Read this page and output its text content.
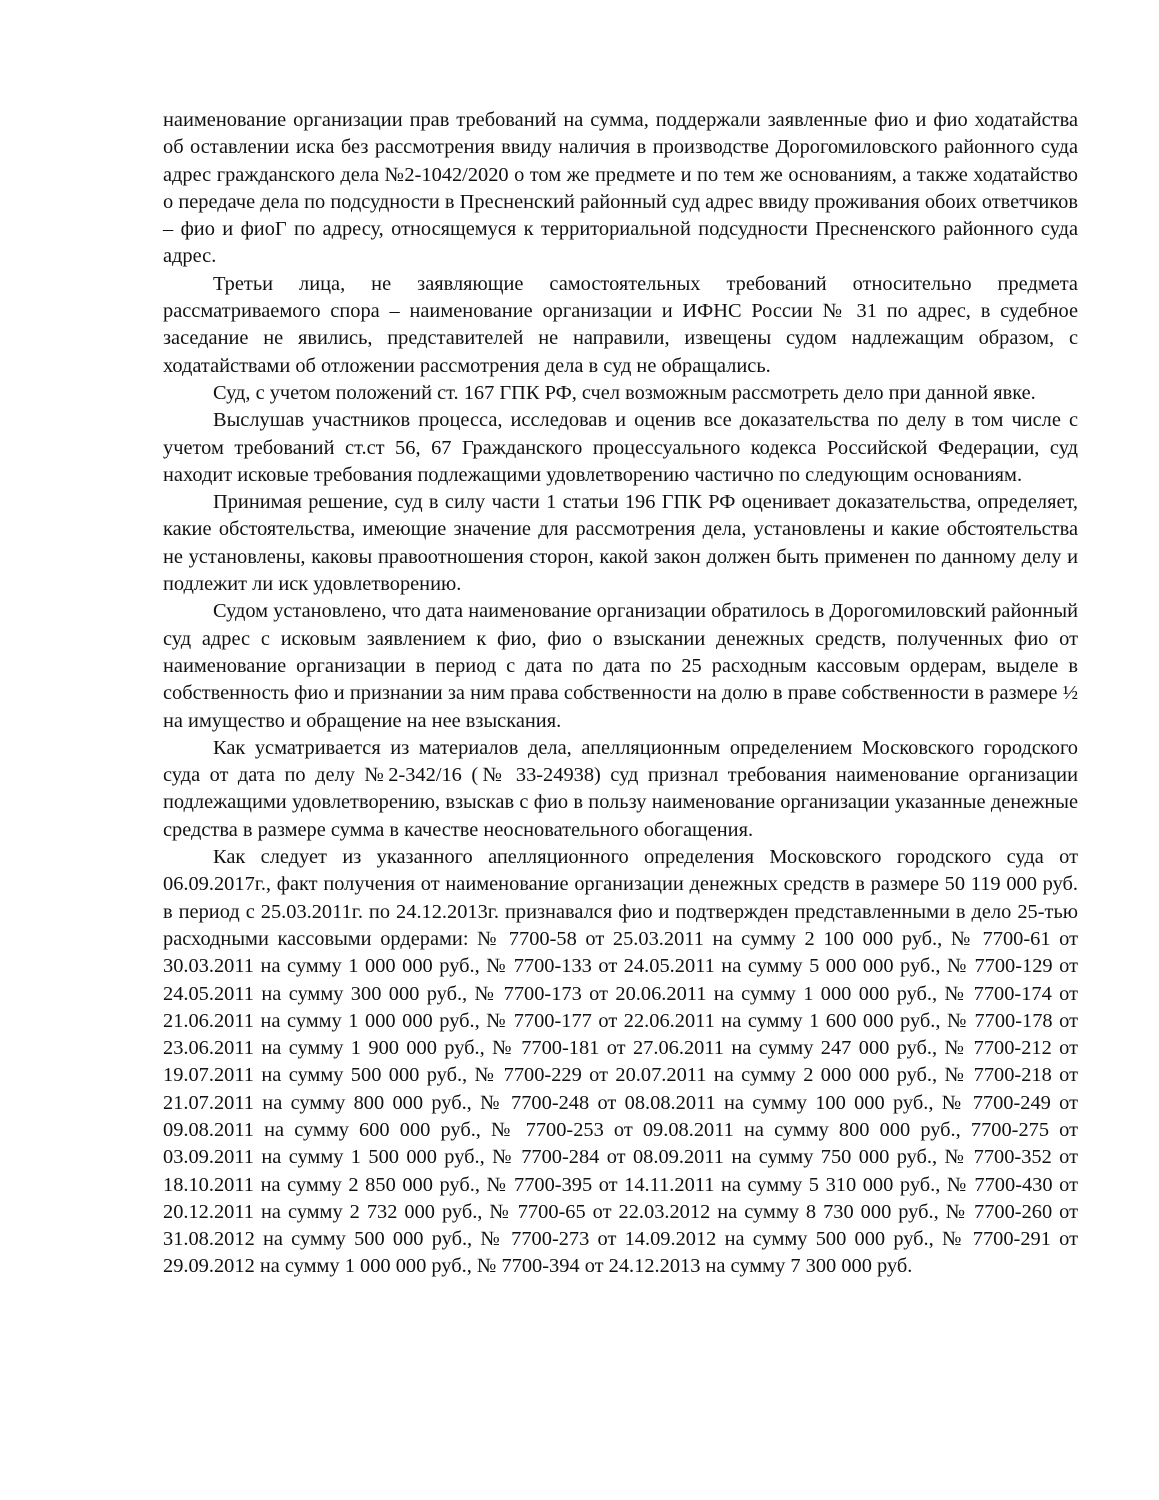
наименование организации прав требований на сумма, поддержали заявленные фио и фио ходатайства об оставлении иска без рассмотрения ввиду наличия в производстве Дорогомиловского районного суда адрес гражданского дела №2-1042/2020 о том же предмете и по тем же основаниям, а также ходатайство о передаче дела по подсудности в Пресненский районный суд адрес ввиду проживания обоих ответчиков – фио и фиоГ по адресу, относящемуся к территориальной подсудности Пресненского районного суда адрес.

Третьи лица, не заявляющие самостоятельных требований относительно предмета рассматриваемого спора – наименование организации и ИФНС России № 31 по адрес, в судебное заседание не явились, представителей не направили, извещены судом надлежащим образом, с ходатайствами об отложении рассмотрения дела в суд не обращались.

Суд, с учетом положений ст. 167 ГПК РФ, счел возможным рассмотреть дело при данной явке.

Выслушав участников процесса, исследовав и оценив все доказательства по делу в том числе с учетом требований ст.ст 56, 67 Гражданского процессуального кодекса Российской Федерации, суд находит исковые требования подлежащими удовлетворению частично по следующим основаниям.

Принимая решение, суд в силу части 1 статьи 196 ГПК РФ оценивает доказательства, определяет, какие обстоятельства, имеющие значение для рассмотрения дела, установлены и какие обстоятельства не установлены, каковы правоотношения сторон, какой закон должен быть применен по данному делу и подлежит ли иск удовлетворению.

Судом установлено, что дата наименование организации обратилось в Дорогомиловский районный суд адрес с исковым заявлением к фио, фио о взыскании денежных средств, полученных фио от наименование организации в период с дата по дата по 25 расходным кассовым ордерам, выделе в собственность фио и признании за ним права собственности на долю в праве собственности в размере ½ на имущество и обращение на нее взыскания.

Как усматривается из материалов дела, апелляционным определением Московского городского суда от дата по делу №2-342/16 (№ 33-24938) суд признал требования наименование организации подлежащими удовлетворению, взыскав с фио в пользу наименование организации указанные денежные средства в размере сумма в качестве неосновательного обогащения.

Как следует из указанного апелляционного определения Московского городского суда от 06.09.2017г., факт получения от наименование организации денежных средств в размере 50 119 000 руб. в период с 25.03.2011г. по 24.12.2013г. признавался фио и подтвержден представленными в дело 25-тью расходными кассовыми ордерами: № 7700-58 от 25.03.2011 на сумму 2 100 000 руб., № 7700-61 от 30.03.2011 на сумму 1 000 000 руб., № 7700-133 от 24.05.2011 на сумму 5 000 000 руб., № 7700-129 от 24.05.2011 на сумму 300 000 руб., № 7700-173 от 20.06.2011 на сумму 1 000 000 руб., № 7700-174 от 21.06.2011 на сумму 1 000 000 руб., № 7700-177 от 22.06.2011 на сумму 1 600 000 руб., № 7700-178 от 23.06.2011 на сумму 1 900 000 руб., № 7700-181 от 27.06.2011 на сумму 247 000 руб., № 7700-212 от 19.07.2011 на сумму 500 000 руб., № 7700-229 от 20.07.2011 на сумму 2 000 000 руб., № 7700-218 от 21.07.2011 на сумму 800 000 руб., № 7700-248 от 08.08.2011 на сумму 100 000 руб., № 7700-249 от 09.08.2011 на сумму 600 000 руб., № 7700-253 от 09.08.2011 на сумму 800 000 руб., 7700-275 от 03.09.2011 на сумму 1 500 000 руб., № 7700-284 от 08.09.2011 на сумму 750 000 руб., № 7700-352 от 18.10.2011 на сумму 2 850 000 руб., № 7700-395 от 14.11.2011 на сумму 5 310 000 руб., № 7700-430 от 20.12.2011 на сумму 2 732 000 руб., № 7700-65 от 22.03.2012 на сумму 8 730 000 руб., № 7700-260 от 31.08.2012 на сумму 500 000 руб., № 7700-273 от 14.09.2012 на сумму 500 000 руб., № 7700-291 от 29.09.2012 на сумму 1 000 000 руб., № 7700-394 от 24.12.2013 на сумму 7 300 000 руб.
